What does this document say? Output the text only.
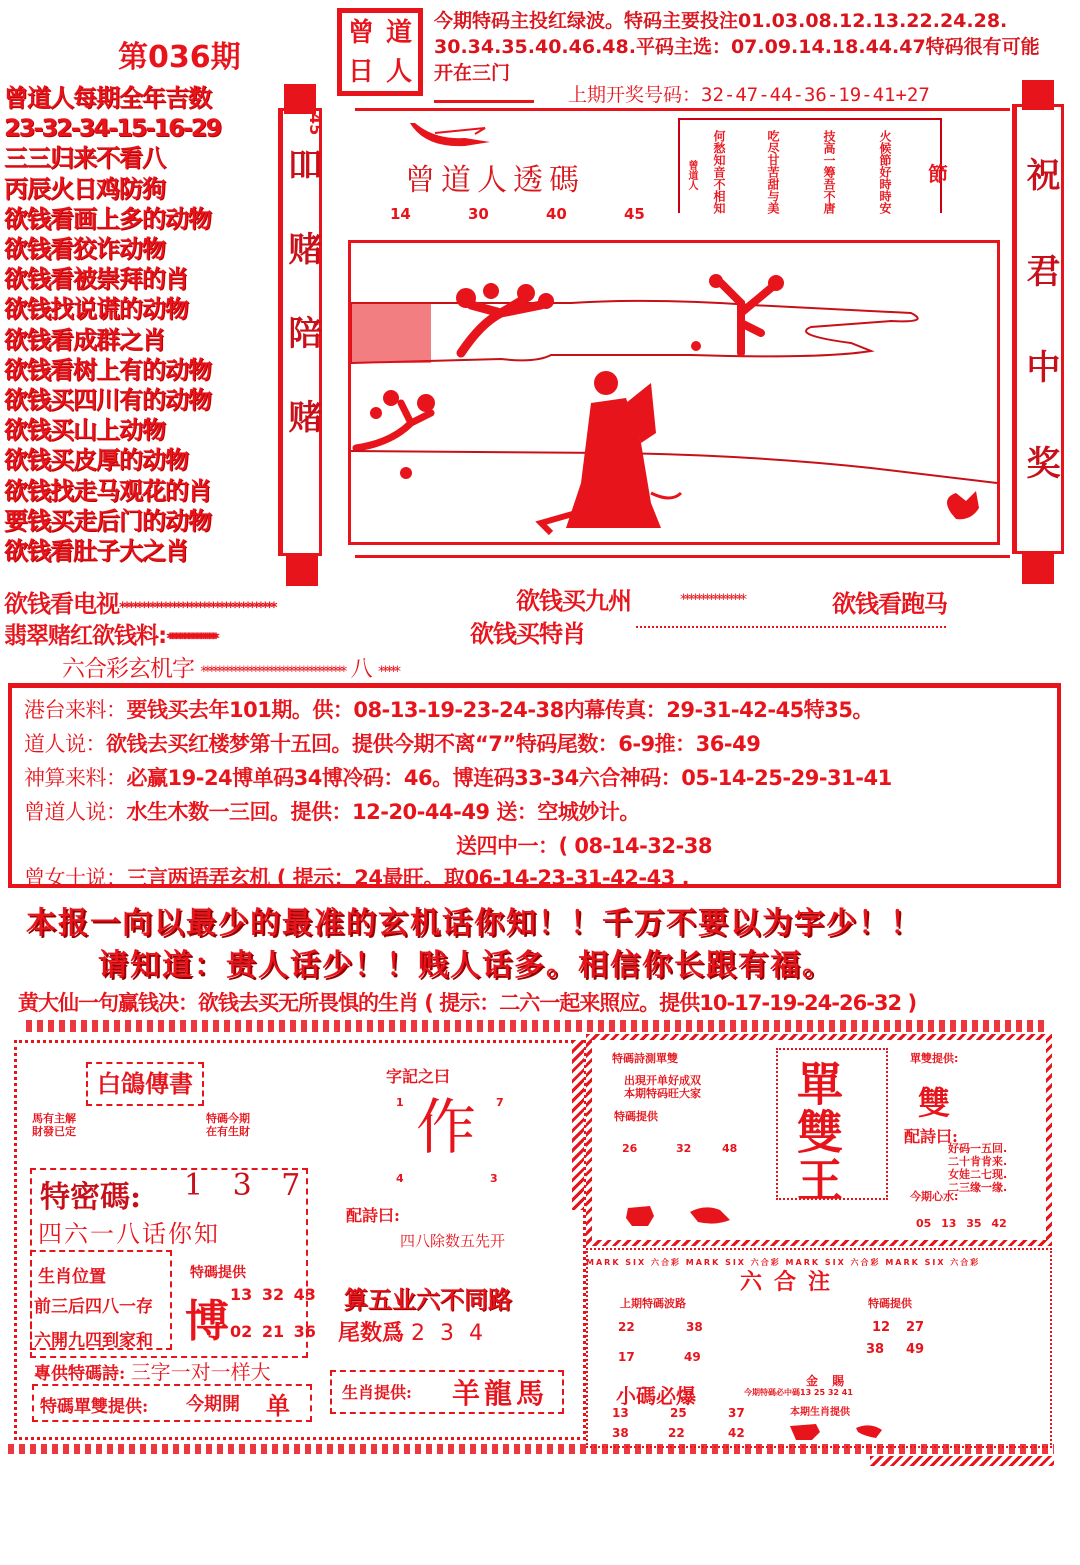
第036期
曾 道
日 人
今期特码主投红绿波。特码主要投注01.03.08.12.13.22.24.28.
30.34.35.40.46.48.平码主选：07.09.14.18.44.47特码很有可能
开在三门
上期开奖号码：32-47-44-36-19-41+27
曾道人每期全年吉数
23-32-34-15-16-29
三三归来不看八
丙辰火日鸡防狗
欲钱看画上多的动物
欲钱看狡诈动物
欲钱看被崇拜的肖
欲钱找说谎的动物
欲钱看成群之肖
欲钱看树上有的动物
欲钱买四川有的动物
欲钱买山上动物
欲钱买皮厚的动物
欲钱找走马观花的肖
要钱买走后门的动物
欲钱看肚子大之肖
吅赌陪赌
祝君中奖
45
曾道人透碼
14	30	40	45
曾道人 何愁知音不相知	吃尽甘苦甜与美	技高一筹吾不唐	火候節好時時安 節
欲钱看电视************************************	欲钱买九州	****************	欲钱看跑马
翡翠赌红欲钱料:************************************	欲钱买特肖
六合彩玄机字 ************************************ 八 *****
港台来料：要钱买去年101期。供：08-13-19-23-24-38内幕传真：29-31-42-45特35。
道人说：欲钱去买红楼梦第十五回。提供今期不离“7”特码尾数：6-9推：36-49
神算来料：必赢19-24博单码34博冷码：46。博连码33-34六合神码：05-14-25-29-31-41
曾道人说：水生木数一三回。提供：12-20-44-49 送：空城妙计。
送四中一：( 08-14-32-38
曾女士说：三言两语弄玄机 ( 提示：24最旺。取06-14-23-31-42-43 ,
本报一向以最少的最准的玄机话你知！！千万不要以为字少！！
请知道：贵人话少！！贱人话多。相信你长跟有福。
黄大仙一句赢钱决：欲钱去买无所畏惧的生肖 ( 提示：二六一起来照应。提供10-17-19-24-26-32 )
白鴿傳書
馬有主解 財發已定
特碼今期 在有生財
特密碼: 1 3 7
四六一八话你知
生肖位置
前三后四八一存
六開九四到家和
特碼提供
博
13 32 43
02 21 36
專供特碼詩: 三字一对一样大
特碼單雙提供: 今期開 单
字記之曰
1	7
4	3
作
配詩曰:
四八除数五先开
算五业六不同路
尾数爲 2 3 4
生肖提供: 羊龍馬
特碼詩測單雙
出現开单好成双
本期特码旺大家
特碼提供
26	32	48
單雙王
單雙提供:
雙
配詩曰:
好码一五回.
二十肯肯来.
女娃二七现.
二三缘一缘.
今期心水:
05 13 35 42
MARK SIX 六合彩 MARK SIX 六合彩 MARK SIX 六合彩 MARK SIX 六合彩
六合注
上期特碼波路
22	38
17	49
特碼提供
12 27
38 49
金 賜
小碼必爆	今期特碼必中碼13 25 32 41
13	25	37
38	22	42
本期生肖提供
